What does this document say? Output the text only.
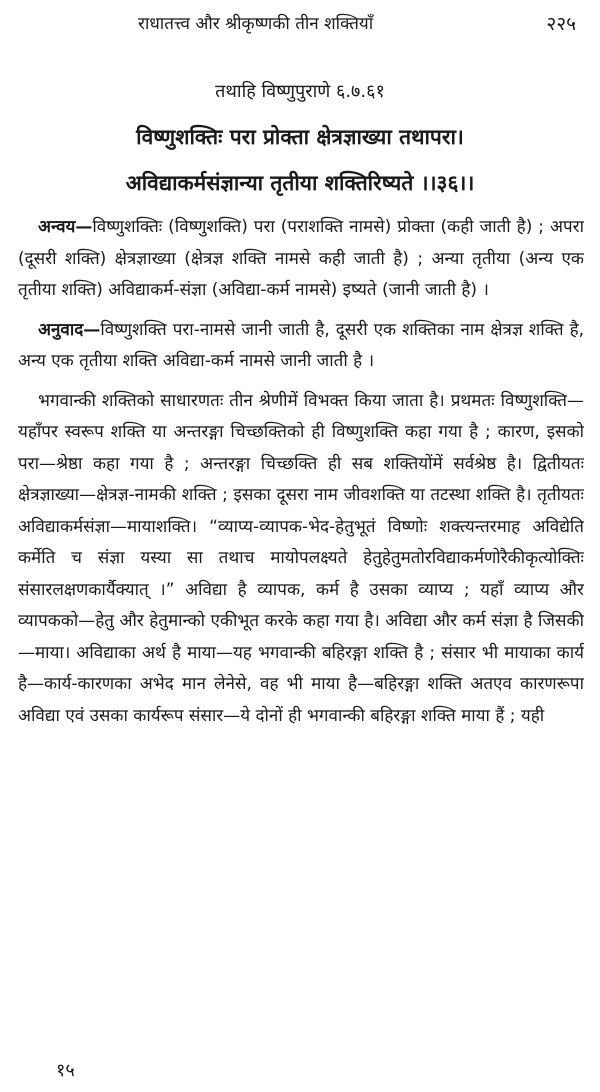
राधातत्त्व और श्रीकृष्णकी तीन शक्तियाँ	२२५
तथाहि विष्णुपुराणे ६.७.६१
विष्णुशक्तिः परा प्रोक्ता क्षेत्रज्ञाख्या तथापरा।
अविद्याकर्मसंज्ञान्या तृतीया शक्तिरिष्यते ।।३६।।

अन्वय—विष्णुशक्तिः (विष्णुशक्ति) परा (पराशक्ति नामसे) प्रोक्ता (कही जाती है) ; अपरा (दूसरी शक्ति) क्षेत्रज्ञाख्या (क्षेत्रज्ञ शक्ति नामसे कही जाती है) ; अन्या तृतीया (अन्य एक तृतीया शक्ति) अविद्याकर्म-संज्ञा (अविद्या-कर्म नामसे) इष्यते (जानी जाती है) ।

अनुवाद—विष्णुशक्ति परा-नामसे जानी जाती है, दूसरी एक शक्तिका नाम क्षेत्रज्ञ शक्ति है, अन्य एक तृतीया शक्ति अविद्या-कर्म नामसे जानी जाती है ।

भगवान्की शक्तिको साधारणतः तीन श्रेणीमें विभक्त किया जाता है। प्रथमतः विष्णुशक्ति—यहाँपर स्वरूप शक्ति या अन्तरङ्गा चिच्छक्तिको ही विष्णुशक्ति कहा गया है ; कारण, इसको परा—श्रेष्ठा कहा गया है ; अन्तरङ्गा चिच्छक्ति ही सब शक्तियोंमें सर्वश्रेष्ठ है। द्वितीयतः क्षेत्रज्ञाख्या—क्षेत्रज्ञ-नामकी शक्ति ; इसका दूसरा नाम जीवशक्ति या तटस्था शक्ति है। तृतीयतः अविद्याकर्मसंज्ञा—मायाशक्ति। “व्याप्य-व्यापक-भेद-हेतुभूतं विष्णोः शक्त्यन्तरमाह अविद्येति कर्मेति च संज्ञा यस्या सा तथाच मायोपलक्ष्यते हेतुहेतुमतोरविद्याकर्मणोरैकीकृत्योक्तिः संसारलक्षणकार्यैक्यात् ।” अविद्या है व्यापक, कर्म है उसका व्याप्य ; यहाँ व्याप्य और व्यापकको—हेतु और हेतुमान्को एकीभूत करके कहा गया है। अविद्या और कर्म संज्ञा है जिसकी—माया। अविद्याका अर्थ है माया—यह भगवान्की बहिरङ्गा शक्ति है ; संसार भी मायाका कार्य है—कार्य-कारणका अभेद मान लेनेसे, वह भी माया है—बहिरङ्गा शक्ति अतएव कारणरूपा अविद्या एवं उसका कार्यरूप संसार—ये दोनों ही भगवान्की बहिरङ्गा शक्ति माया हैं ; यही

१५
